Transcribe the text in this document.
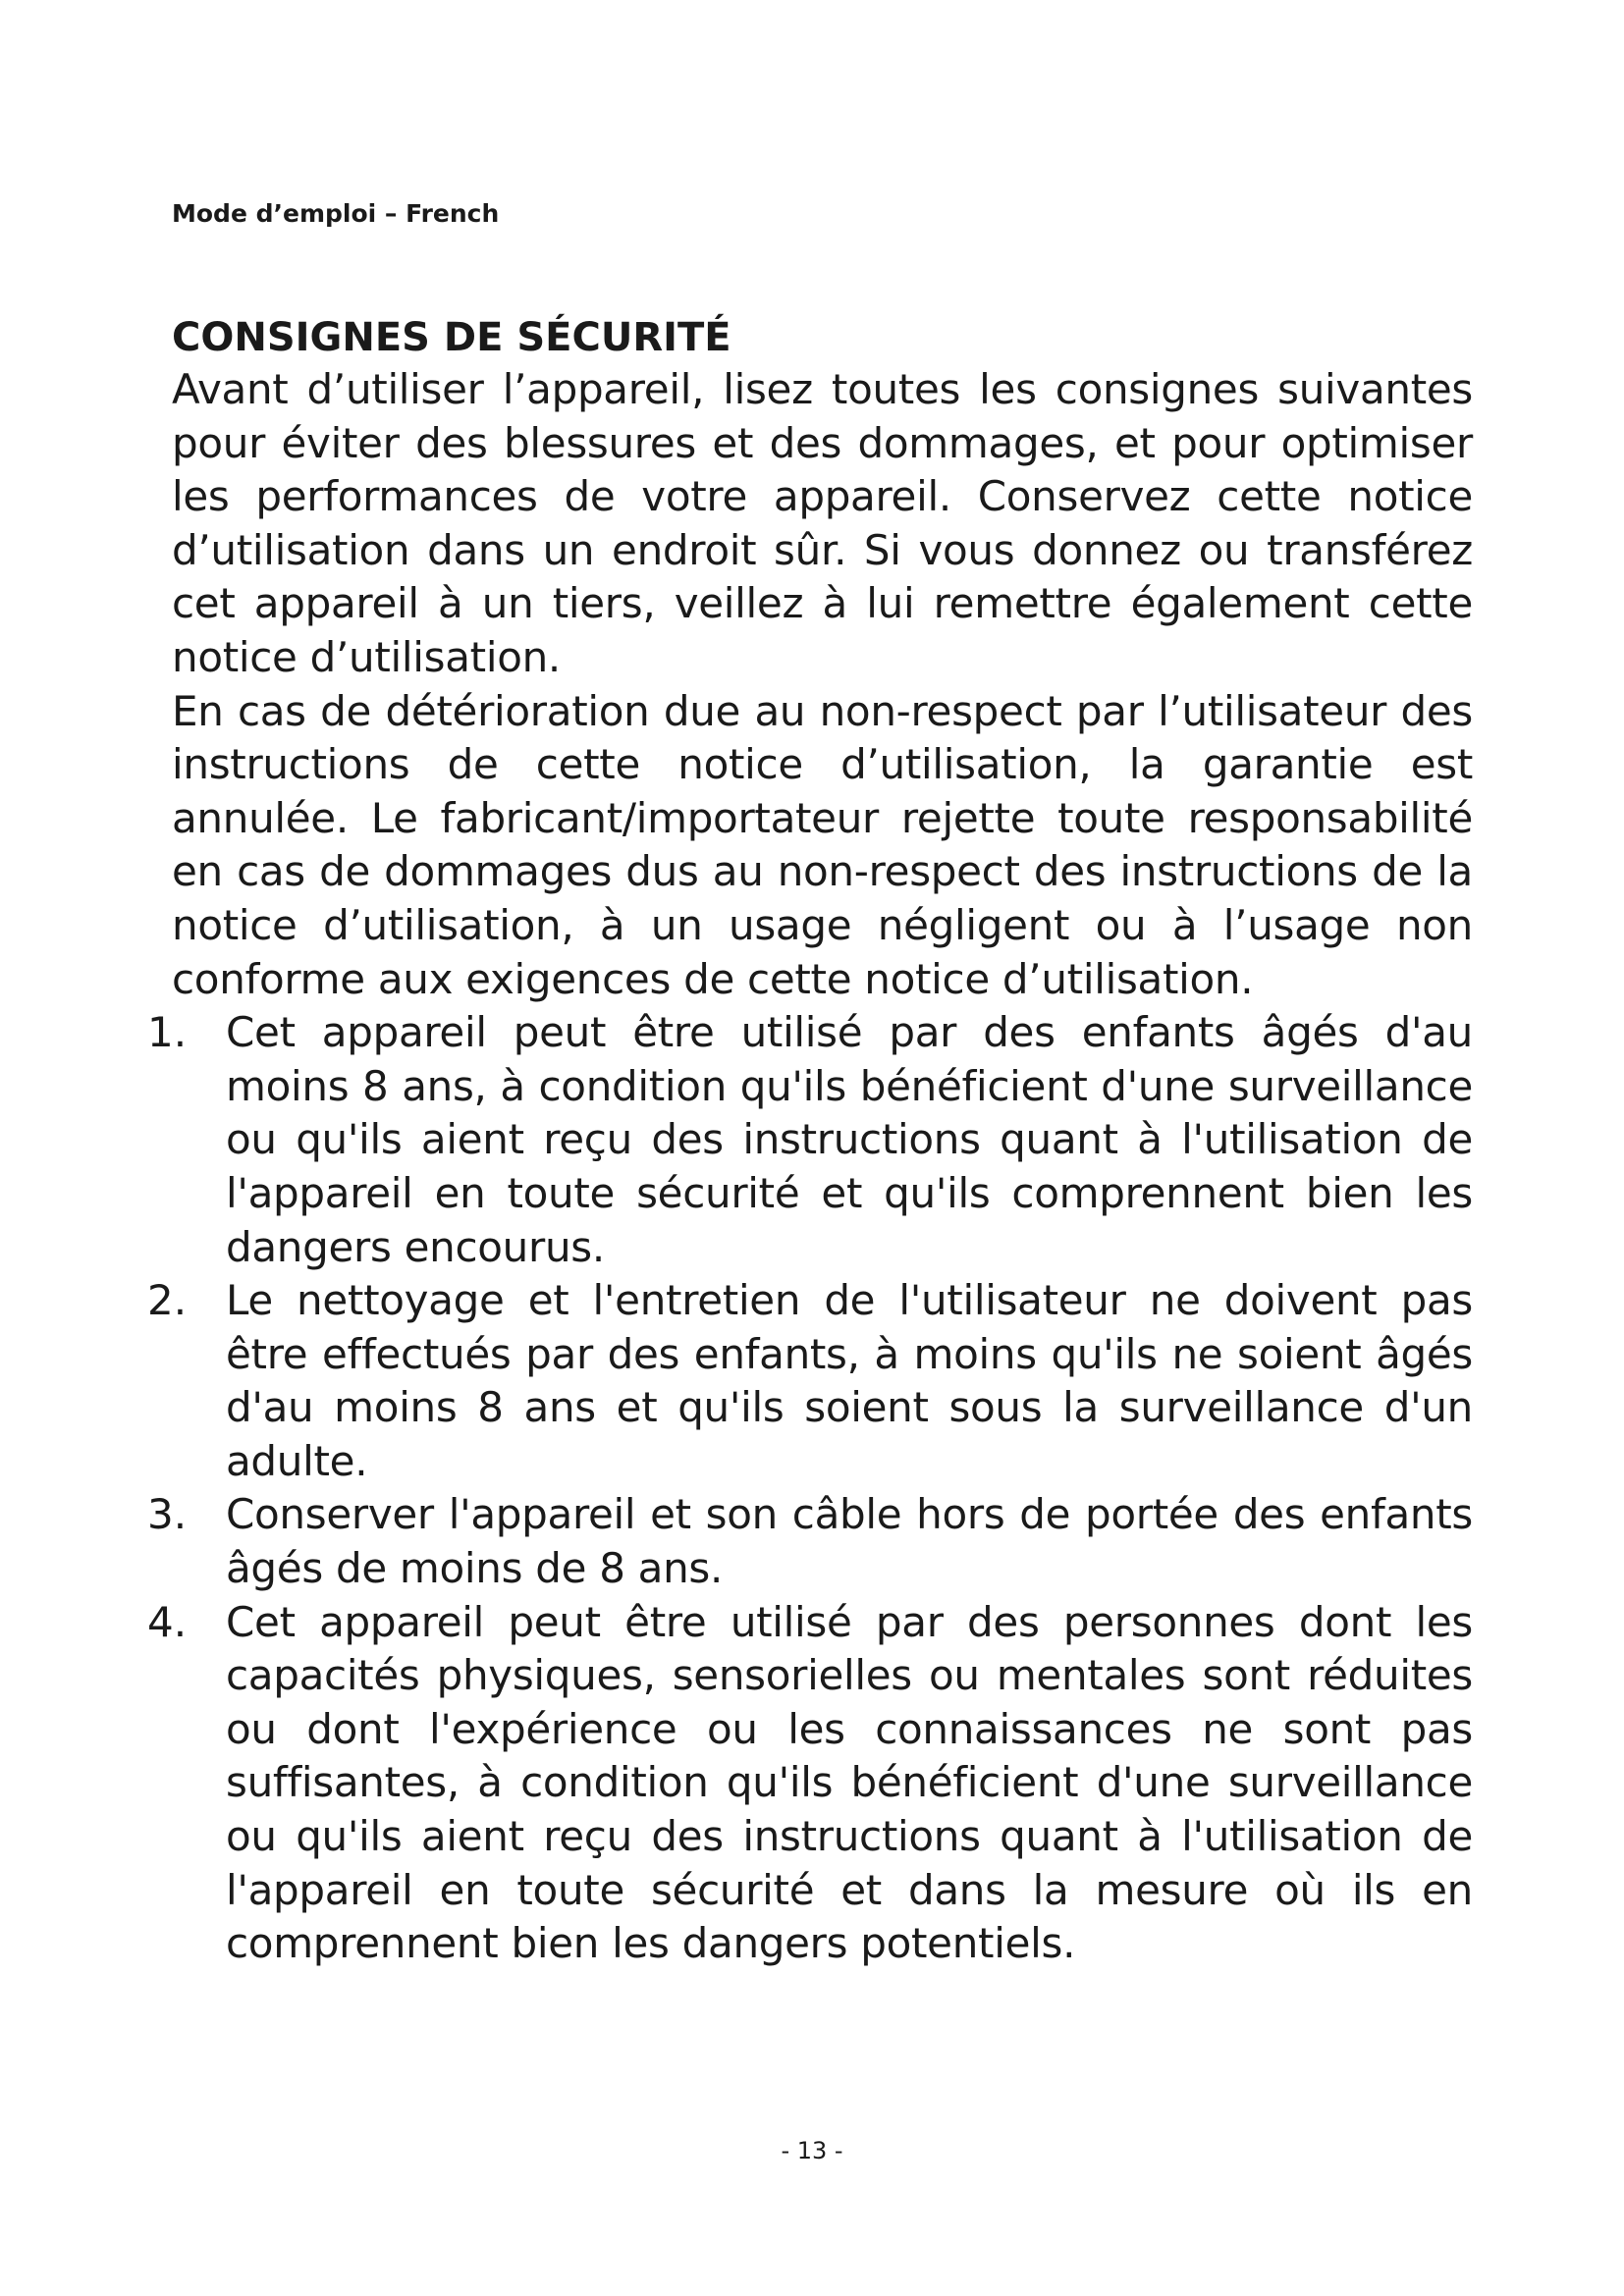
Mode d’emploi – French
CONSIGNES DE SÉCURITÉ

Avant d’utiliser l’appareil, lisez toutes les consignes suivantes pour éviter des blessures et des dommages, et pour optimiser les performances de votre appareil. Conservez cette notice d’utilisation dans un endroit sûr. Si vous donnez ou transférez cet appareil à un tiers, veillez à lui remettre également cette notice d’utilisation.

En cas de détérioration due au non-respect par l’utilisateur des instructions de cette notice d’utilisation, la garantie est annulée. Le fabricant/importateur rejette toute responsabilité en cas de dommages dus au non-respect des instructions de la notice d’utilisation, à un usage négligent ou à l’usage non conforme aux exigences de cette notice d’utilisation.

1. Cet appareil peut être utilisé par des enfants âgés d'au moins 8 ans, à condition qu'ils bénéficient d'une surveillance ou qu'ils aient reçu des instructions quant à l'utilisation de l'appareil en toute sécurité et qu'ils comprennent bien les dangers encourus.
2. Le nettoyage et l'entretien de l'utilisateur ne doivent pas être effectués par des enfants, à moins qu'ils ne soient âgés d'au moins 8 ans et qu'ils soient sous la surveillance d'un adulte.
3. Conserver l'appareil et son câble hors de portée des enfants âgés de moins de 8 ans.
4. Cet appareil peut être utilisé par des personnes dont les capacités physiques, sensorielles ou mentales sont réduites ou dont l'expérience ou les connaissances ne sont pas suffisantes, à condition qu'ils bénéficient d'une surveillance ou qu'ils aient reçu des instructions quant à l'utilisation de l'appareil en toute sécurité et dans la mesure où ils en comprennent bien les dangers potentiels.
- 13 -
